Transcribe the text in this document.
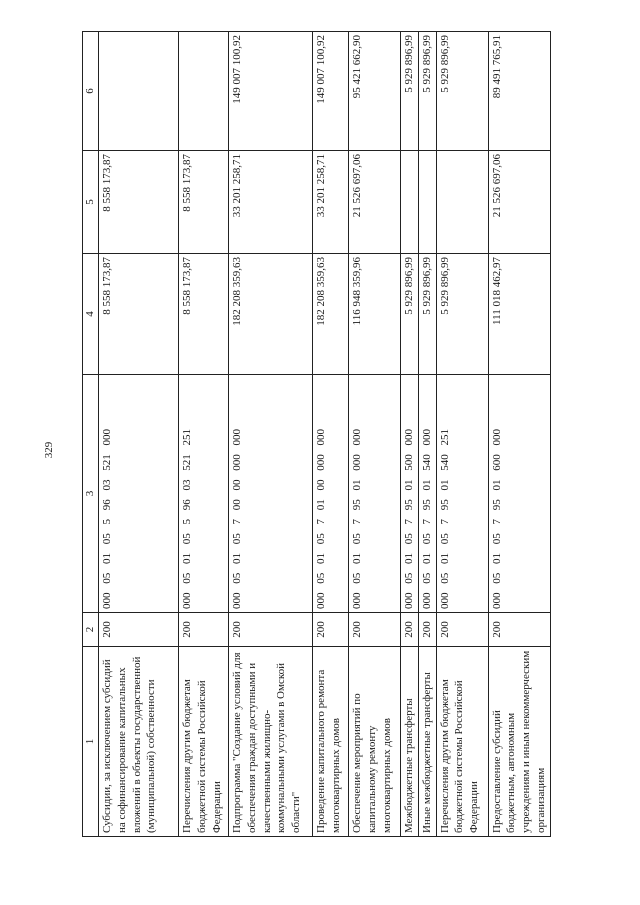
329
1	2	3	4	5	6
Субсидии, за исключением субсидий на софинансирование капитальных вложений в объекты государственной (муниципальной) собственности	200	000 05 01 05 5 96 03 521 000	8 558 173,87	8 558 173,87	
Перечисления другим бюджетам бюджетной системы Российской Федерации	200	000 05 01 05 5 96 03 521 251	8 558 173,87	8 558 173,87	
Подпрограмма "Создание условий для обеспечения граждан доступными и качественными жилищно-коммунальными услугами в Омской области"	200	000 05 01 05 7 00 00 000 000	182 208 359,63	33 201 258,71	149 007 100,92
Проведение капитального ремонта многоквартирных домов	200	000 05 01 05 7 01 00 000 000	182 208 359,63	33 201 258,71	149 007 100,92
Обеспечение мероприятий по капитальному ремонту многоквартирных домов	200	000 05 01 05 7 95 01 000 000	116 948 359,96	21 526 697,06	95 421 662,90
Межбюджетные трансферты	200	000 05 01 05 7 95 01 500 000	5 929 896,99		5 929 896,99
Иные межбюджетные трансферты	200	000 05 01 05 7 95 01 540 000	5 929 896,99		5 929 896,99
Перечисления другим бюджетам бюджетной системы Российской Федерации	200	000 05 01 05 7 95 01 540 251	5 929 896,99		5 929 896,99
Предоставление субсидий бюджетным, автономным учреждениям и иным некоммерческим организациям	200	000 05 01 05 7 95 01 600 000	111 018 462,97	21 526 697,06	89 491 765,91
